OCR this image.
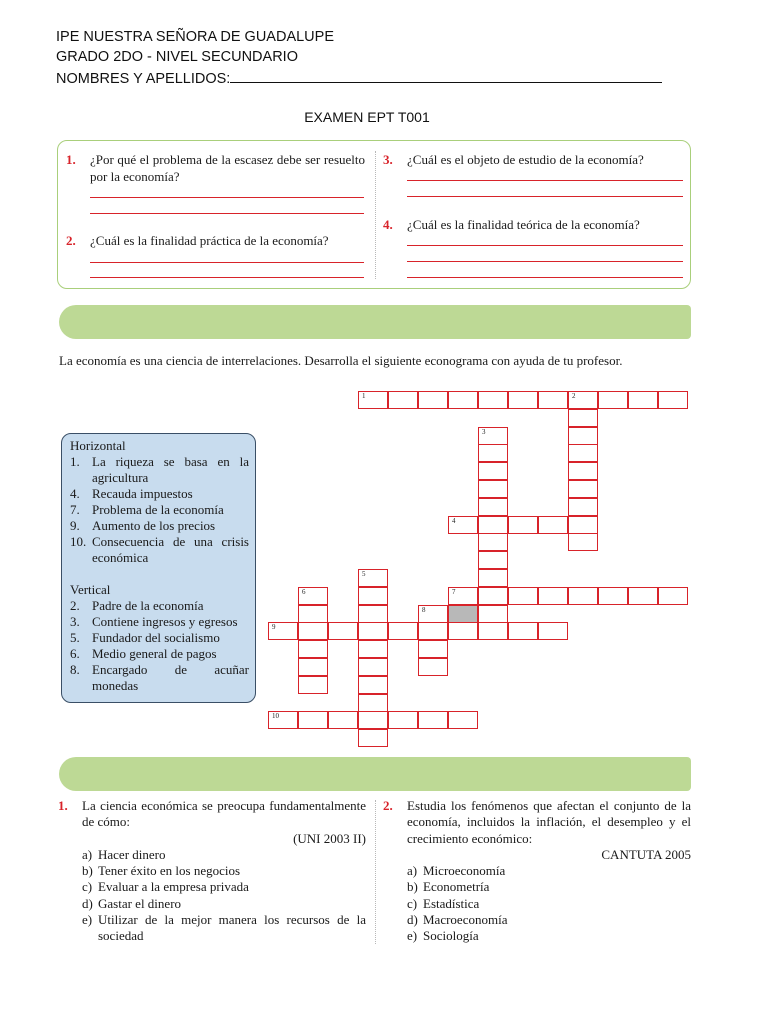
IPE NUESTRA SEÑORA DE GUADALUPE
GRADO 2DO - NIVEL SECUNDARIO
NOMBRES Y APELLIDOS:
EXAMEN EPT T001
1.	¿Por qué el problema de la escasez debe ser resuelto por la economía?
2.	¿Cuál es la finalidad práctica de la economía?
3.	¿Cuál es el objeto de estudio de la economía?
4.	¿Cuál es la finalidad teórica de la economía?
La economía es una ciencia de interrelaciones. Desarrolla el siguiente econograma con ayuda de tu profesor.
Horizontal
1. La riqueza se basa en la agricultura
4. Recauda impuestos
7. Problema de la economía
9. Aumento de los precios
10. Consecuencia de una crisis económica
Vertical
2. Padre de la economía
3. Contiene ingresos y egresos
5. Fundador del socialismo
6. Medio general de pagos
8. Encargado de acuñar monedas
1	2
3
4
5
6	7
8
9
10
1. La ciencia económica se preocupa fundamentalmente de cómo:
(UNI 2003 II)
a) Hacer dinero
b) Tener éxito en los negocios
c) Evaluar a la empresa privada
d) Gastar el dinero
e) Utilizar de la mejor manera los recursos de la sociedad
2. Estudia los fenómenos que afectan el conjunto de la economía, incluidos la inflación, el desempleo y el crecimiento económico:
CANTUTA 2005
a) Microeconomía
b) Econometría
c) Estadística
d) Macroeconomía
e) Sociología
